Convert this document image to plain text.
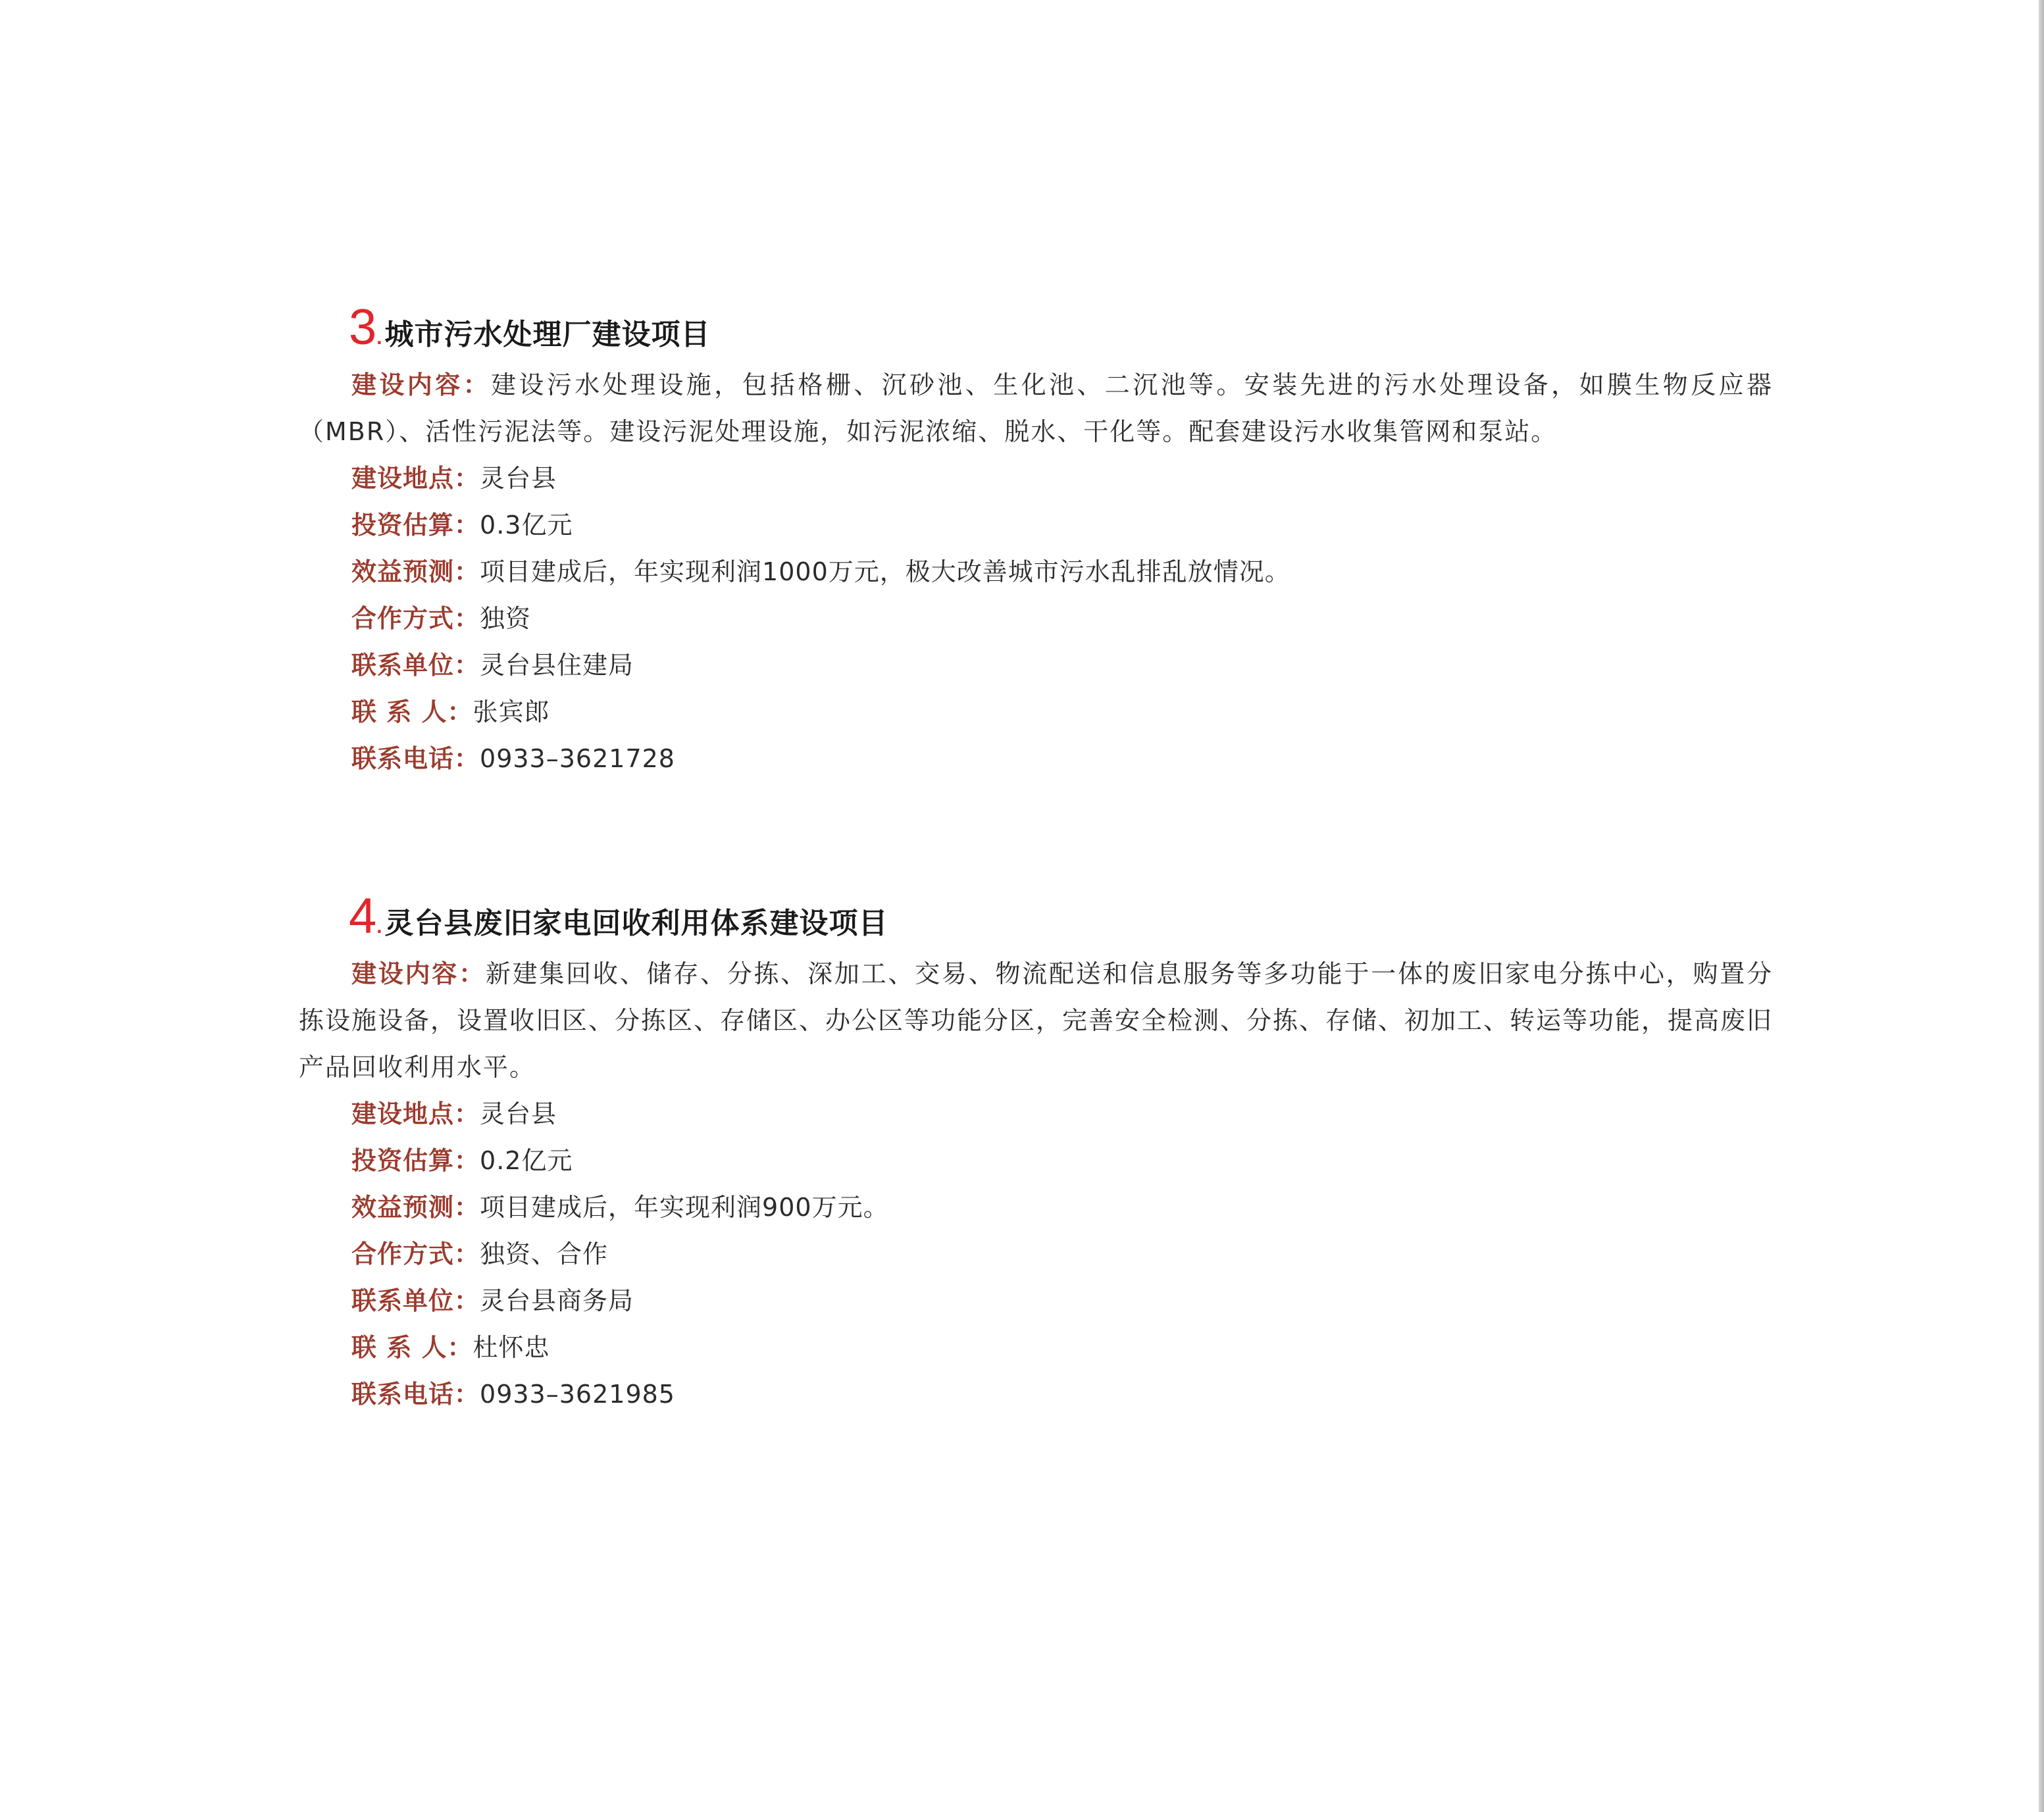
3 . 城市污水处理厂建设项目

建设内容：建设污水处理设施，包括格栅、沉砂池、生化池、二沉池等。安装先进的污水处理设备，如膜生物反应器（MBR）、活性污泥法等。建设污泥处理设施，如污泥浓缩、脱水、干化等。配套建设污水收集管网和泵站。

建设地点：灵台县
投资估算：0.3亿元
效益预测：项目建成后，年实现利润1000万元，极大改善城市污水乱排乱放情况。
合作方式：独资
联系单位：灵台县住建局
联 系 人：张宾郎
联系电话：0933–3621728
4 . 灵台县废旧家电回收利用体系建设项目

建设内容：新建集回收、储存、分拣、深加工、交易、物流配送和信息服务等多功能于一体的废旧家电分拣中心，购置分拣设施设备，设置收旧区、分拣区、存储区、办公区等功能分区，完善安全检测、分拣、存储、初加工、转运等功能，提高废旧产品回收利用水平。

建设地点：灵台县
投资估算：0.2亿元
效益预测：项目建成后，年实现利润900万元。
合作方式：独资、合作
联系单位：灵台县商务局
联 系 人：杜怀忠
联系电话：0933–3621985
